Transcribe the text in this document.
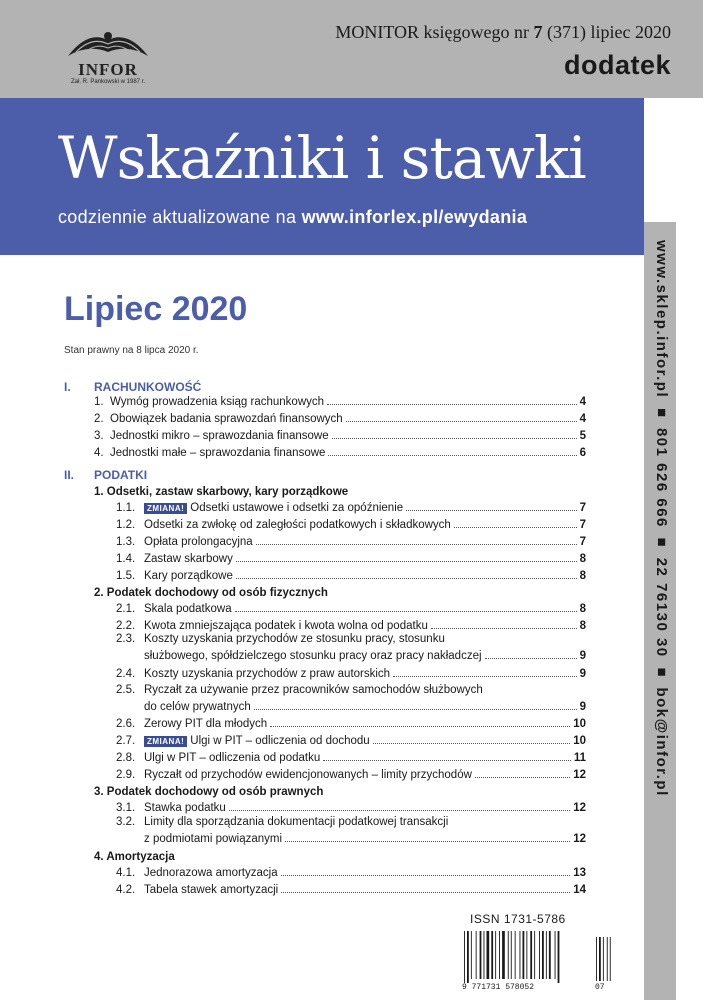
INFOR
Zał. R. Pankowski w 1987 r.
MONITOR księgowego nr 7 (371) lipiec 2020
dodatek
Wskaźniki i stawki
codziennie aktualizowane na www.inforlex.pl/ewydania
www.sklep.infor.pl ■ 801 626 666 ■ 22 76130 30 ■ bok@infor.pl
Lipiec 2020
Stan prawny na 8 lipca 2020 r.
I. RACHUNKOWOŚĆ
1. Wymóg prowadzenia ksiąg rachunkowych	4
2. Obowiązek badania sprawozdań finansowych	4
3. Jednostki mikro – sprawozdania finansowe	5
4. Jednostki małe – sprawozdania finansowe	6
II. PODATKI
1. Odsetki, zastaw skarbowy, kary porządkowe
1.1.	ZMIANA! Odsetki ustawowe i odsetki za opóźnienie	7
1.2. Odsetki za zwłokę od zaległości podatkowych i składkowych	7
1.3. Opłata prolongacyjna	7
1.4. Zastaw skarbowy	8
1.5. Kary porządkowe	8
2. Podatek dochodowy od osób fizycznych
2.1. Skala podatkowa	8
2.2. Kwota zmniejszająca podatek i kwota wolna od podatku	8
2.3. Koszty uzyskania przychodów ze stosunku pracy, stosunku
służbowego, spółdzielczego stosunku pracy oraz pracy nakładczej	9
2.4. Koszty uzyskania przychodów z praw autorskich	9
2.5. Ryczałt za używanie przez pracowników samochodów służbowych
do celów prywatnych	9
2.6. Zerowy PIT dla młodych	10
2.7.	ZMIANA! Ulgi w PIT – odliczenia od dochodu	10
2.8. Ulgi w PIT – odliczenia od podatku	11
2.9. Ryczałt od przychodów ewidencjonowanych – limity przychodów	12
3. Podatek dochodowy od osób prawnych
3.1. Stawka podatku	12
3.2. Limity dla sporządzania dokumentacji podatkowej transakcji
z podmiotami powiązanymi	12
4. Amortyzacja
4.1. Jednorazowa amortyzacja	13
4.2. Tabela stawek amortyzacji	14
ISSN 1731-5786
9 771731 578052	07
